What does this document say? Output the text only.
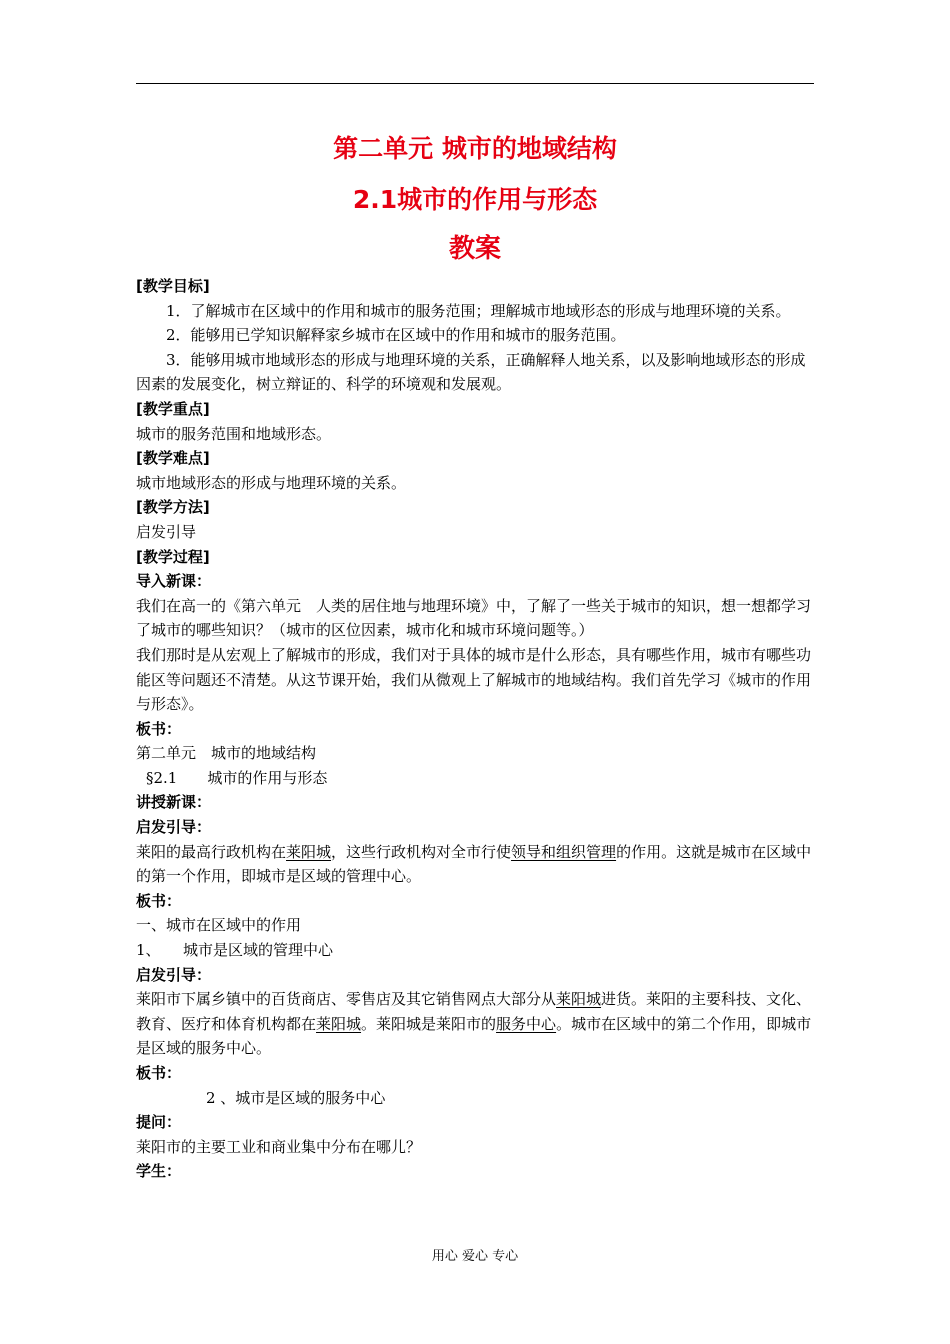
第二单元 城市的地域结构
2.1城市的作用与形态
教案

[教学目标]

1．了解城市在区域中的作用和城市的服务范围；理解城市地域形态的形成与地理环境的关系。

2．能够用已学知识解释家乡城市在区域中的作用和城市的服务范围。

3．能够用城市地域形态的形成与地理环境的关系，正确解释人地关系，以及影响地域形态的形成因素的发展变化，树立辩证的、科学的环境观和发展观。

[教学重点]

城市的服务范围和地域形态。

[教学难点]

城市地域形态的形成与地理环境的关系。

[教学方法]

启发引导

[教学过程]

导入新课：

我们在高一的《第六单元　人类的居住地与地理环境》中，了解了一些关于城市的知识，想一想都学习了城市的哪些知识？（城市的区位因素，城市化和城市环境问题等。）

我们那时是从宏观上了解城市的形成，我们对于具体的城市是什么形态，具有哪些作用，城市有哪些功能区等问题还不清楚。从这节课开始，我们从微观上了解城市的地域结构。我们首先学习《城市的作用与形态》。

板书：

第二单元　城市的地域结构

§2.1　　城市的作用与形态

讲授新课：

启发引导：

莱阳的最高行政机构在莱阳城，这些行政机构对全市行使领导和组织管理的作用。这就是城市在区域中的第一个作用，即城市是区域的管理中心。

板书：

一、城市在区域中的作用

1、　　城市是区域的管理中心

启发引导：

莱阳市下属乡镇中的百货商店、零售店及其它销售网点大部分从莱阳城进货。莱阳的主要科技、文化、教育、医疗和体育机构都在莱阳城。莱阳城是莱阳市的服务中心。城市在区域中的第二个作用，即城市是区域的服务中心。

板书：

2 、城市是区域的服务中心

提问：

莱阳市的主要工业和商业集中分布在哪儿？

学生：

用心 爱心 专心
